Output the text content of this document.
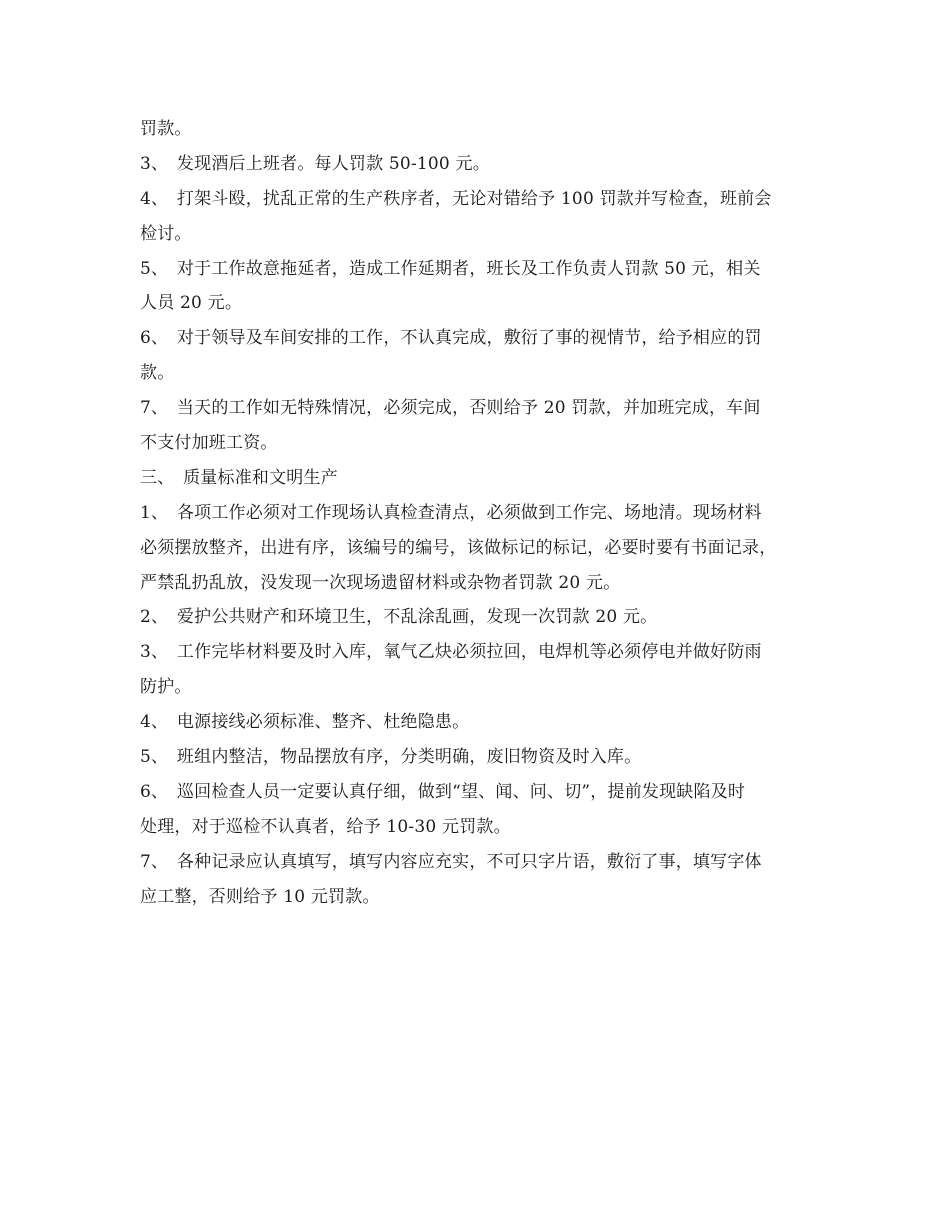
罚款。
3、　发现酒后上班者。每人罚款 50-100 元。
4、　打架斗殴，扰乱正常的生产秩序者，无论对错给予 100 罚款并写检查，班前会
检讨。
5、　对于工作故意拖延者，造成工作延期者，班长及工作负责人罚款 50 元，相关
人员 20 元。
6、　对于领导及车间安排的工作，不认真完成，敷衍了事的视情节，给予相应的罚
款。
7、　当天的工作如无特殊情况，必须完成，否则给予 20 罚款，并加班完成，车间
不支付加班工资。
三、　质量标准和文明生产
1、　各项工作必须对工作现场认真检查清点，必须做到工作完、场地清。现场材料
必须摆放整齐，出进有序，该编号的编号，该做标记的标记，必要时要有书面记录，
严禁乱扔乱放，没发现一次现场遗留材料或杂物者罚款 20 元。
2、　爱护公共财产和环境卫生，不乱涂乱画，发现一次罚款 20 元。
3、　工作完毕材料要及时入库，氧气乙炔必须拉回，电焊机等必须停电并做好防雨
防护。
4、　电源接线必须标准、整齐、杜绝隐患。
5、　班组内整洁，物品摆放有序，分类明确，废旧物资及时入库。
6、　巡回检查人员一定要认真仔细，做到“望、闻、问、切”，提前发现缺陷及时
处理，对于巡检不认真者，给予 10-30 元罚款。
7、　各种记录应认真填写，填写内容应充实，不可只字片语，敷衍了事，填写字体
应工整，否则给予 10 元罚款。
